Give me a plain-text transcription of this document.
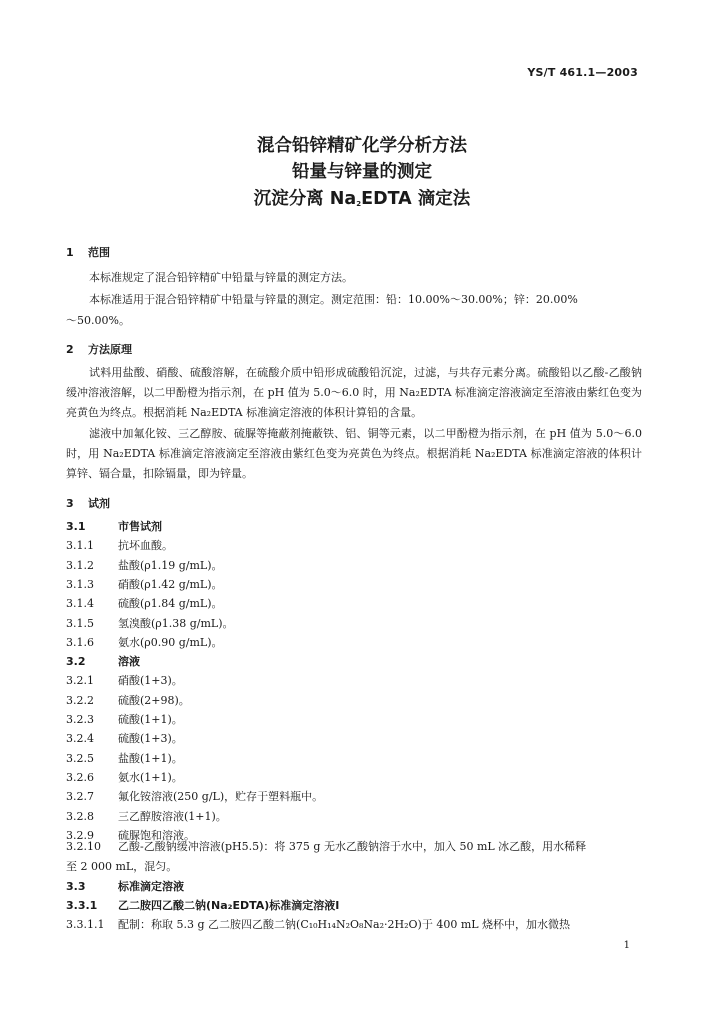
YS/T 461.1—2003
混合铅锌精矿化学分析方法
铅量与锌量的测定
沉淀分离 $Na_2EDTA$ 滴定法
1 范围
本标准规定了混合铅锌精矿中铅量与锌量的测定方法。
本标准适用于混合铅锌精矿中铅量与锌量的测定。测定范围：铅：10.00%～30.00%；锌：20.00%
～50.00%。
2 方法原理
试料用盐酸、硝酸、硫酸溶解，在硫酸介质中铅形成硫酸铅沉淀，过滤，与共存元素分离。硫酸铅以乙酸-乙酸钠缓冲溶液溶解，以二甲酚橙为指示剂，在 pH 值为 5.0～6.0 时，用 Na₂EDTA 标准滴定溶液滴定至溶液由紫红色变为亮黄色为终点。根据消耗 Na₂EDTA 标准滴定溶液的体积计算铅的含量。
滤液中加氟化铵、三乙醇胺、硫脲等掩蔽剂掩蔽铁、铝、铜等元素，以二甲酚橙为指示剂，在 pH 值为 5.0～6.0 时，用 Na₂EDTA 标准滴定溶液滴定至溶液由紫红色变为亮黄色为终点。根据消耗 Na₂EDTA 标准滴定溶液的体积计算锌、镉合量，扣除镉量，即为锌量。
3 试剂
3.1	市售试剂
3.1.1 抗坏血酸。
3.1.2 盐酸(ρ1.19 g/mL)。
3.1.3 硝酸(ρ1.42 g/mL)。
3.1.4 硫酸(ρ1.84 g/mL)。
3.1.5 氢溴酸(ρ1.38 g/mL)。
3.1.6 氨水(ρ0.90 g/mL)。
3.2	溶液
3.2.1 硝酸(1+3)。
3.2.2 硫酸(2+98)。
3.2.3 硫酸(1+1)。
3.2.4 硫酸(1+3)。
3.2.5 盐酸(1+1)。
3.2.6 氨水(1+1)。
3.2.7 氟化铵溶液(250 g/L)，贮存于塑料瓶中。
3.2.8 三乙醇胺溶液(1+1)。
3.2.9 硫脲饱和溶液。
3.2.10 乙酸-乙酸钠缓冲溶液(pH5.5)：将 375 g 无水乙酸钠溶于水中，加入 50 mL 冰乙酸，用水稀释
至 2 000 mL，混匀。
3.3	标准滴定溶液
3.3.1 乙二胺四乙酸二钠(Na₂EDTA)标准滴定溶液Ⅰ
3.3.1.1 配制：称取 5.3 g 乙二胺四乙酸二钠(C₁₀H₁₄N₂O₈Na₂·2H₂O)于 400 mL 烧杯中，加水微热
1
